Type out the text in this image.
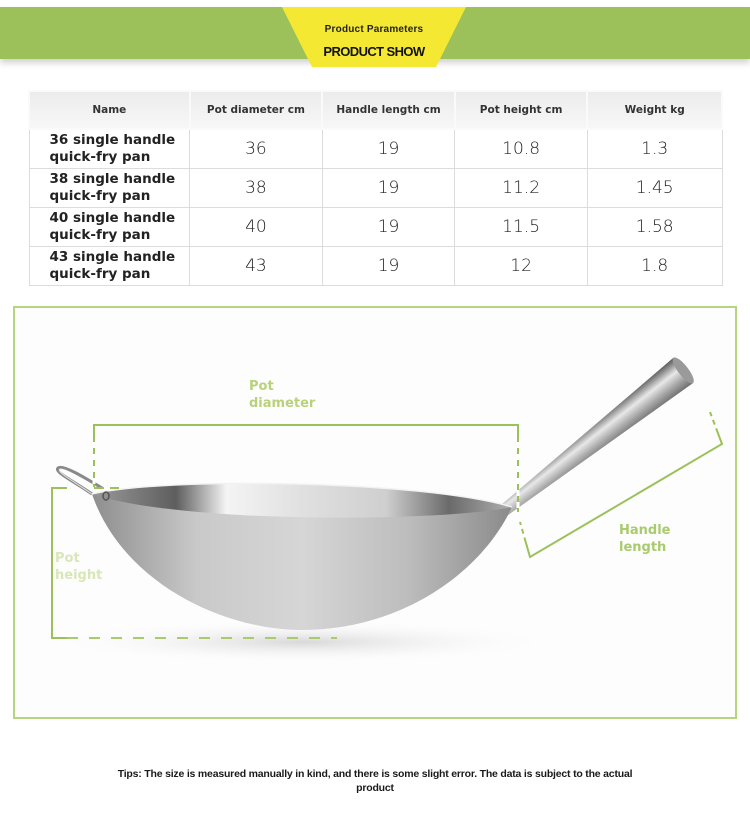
Product Parameters
PRODUCT SHOW
Name	Pot diameter cm	Handle length cm	Pot height cm	Weight kg
36 single handle
quick-fry pan	36	19	10.8	1.3
38 single handle
quick-fry pan	38	19	11.2	1.45
40 single handle
quick-fry pan	40	19	11.5	1.58
43 single handle
quick-fry pan	43	19	12	1.8
Pot
diameter
Handle
length
Pot
height
Tips: The size is measured manually in kind, and there is some slight error. The data is subject to the actual
product
